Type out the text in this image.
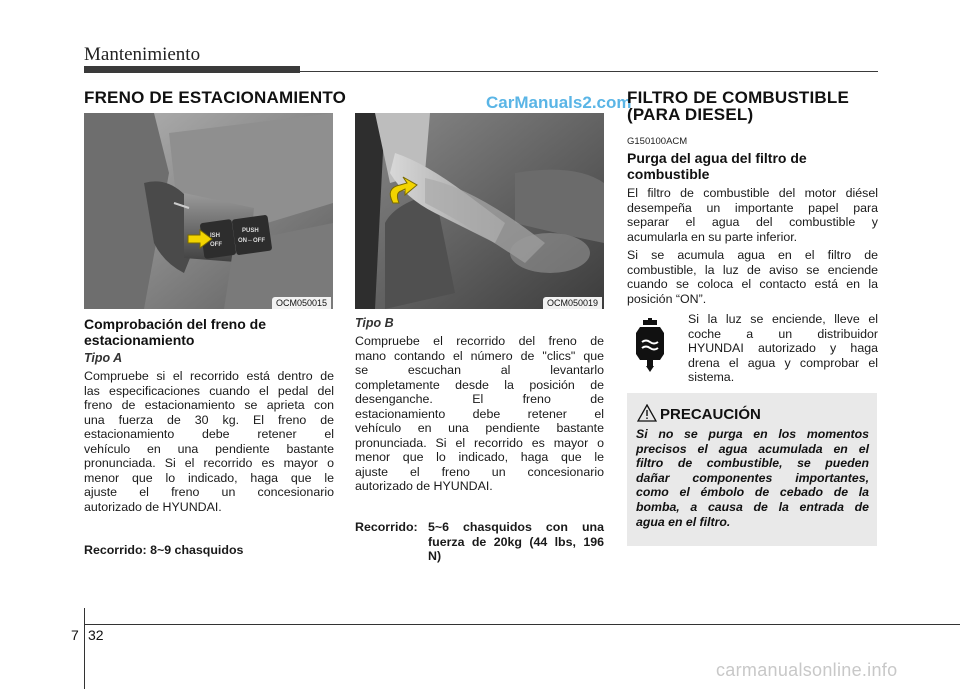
Mantenimiento
CarManuals2.com
FRENO DE ESTACIONAMIENTO
ISH
OFF
PUSH
ON⇔OFF
OCM050015
Comprobación del freno de estacionamiento
Tipo A
Compruebe si el recorrido está dentro de
las especificaciones cuando el pedal del
freno de estacionamiento se aprieta con
una fuerza de 30 kg. El freno de
estacionamiento debe retener el
vehículo en una pendiente bastante
pronunciada. Si el recorrido es mayor o
menor que lo indicado, haga que le
ajuste el freno un concesionario
autorizado de HYUNDAI.
Recorrido: 8~9 chasquidos
OCM050019
Tipo B
Compruebe el recorrido del freno de
mano contando el número de "clics" que
se escuchan al levantarlo
completamente desde la posición de
desenganche. El freno de
estacionamiento debe retener el
vehículo en una pendiente bastante
pronunciada. Si el recorrido es mayor o
menor que lo indicado, haga que le
ajuste el freno un concesionario
autorizado de HYUNDAI.
Recorrido: 5~6 chasquidos con una
fuerza de 20kg (44 lbs, 196
N)
FILTRO DE COMBUSTIBLE
(PARA DIESEL)
G150100ACM
Purga del agua del filtro de
combustible
El filtro de combustible del motor diésel
desempeña un importante papel para
separar el agua del combustible y
acumularla en su parte inferior.
Si se acumula agua en el filtro de
combustible, la luz de aviso se enciende
cuando se coloca el contacto está en la
posición “ON”.
Si la luz se enciende, lleve el
coche a un distribuidor
HYUNDAI autorizado y haga
drena el agua y comprobar el
sistema.
PRECAUCIÓN
Si no se purga en los momentos
precisos el agua acumulada en el
filtro de combustible, se pueden
dañar componentes importantes,
como el émbolo de cebado de la
bomba, a causa de la entrada de
agua en el filtro.
7 32
carmanualsonline.info
